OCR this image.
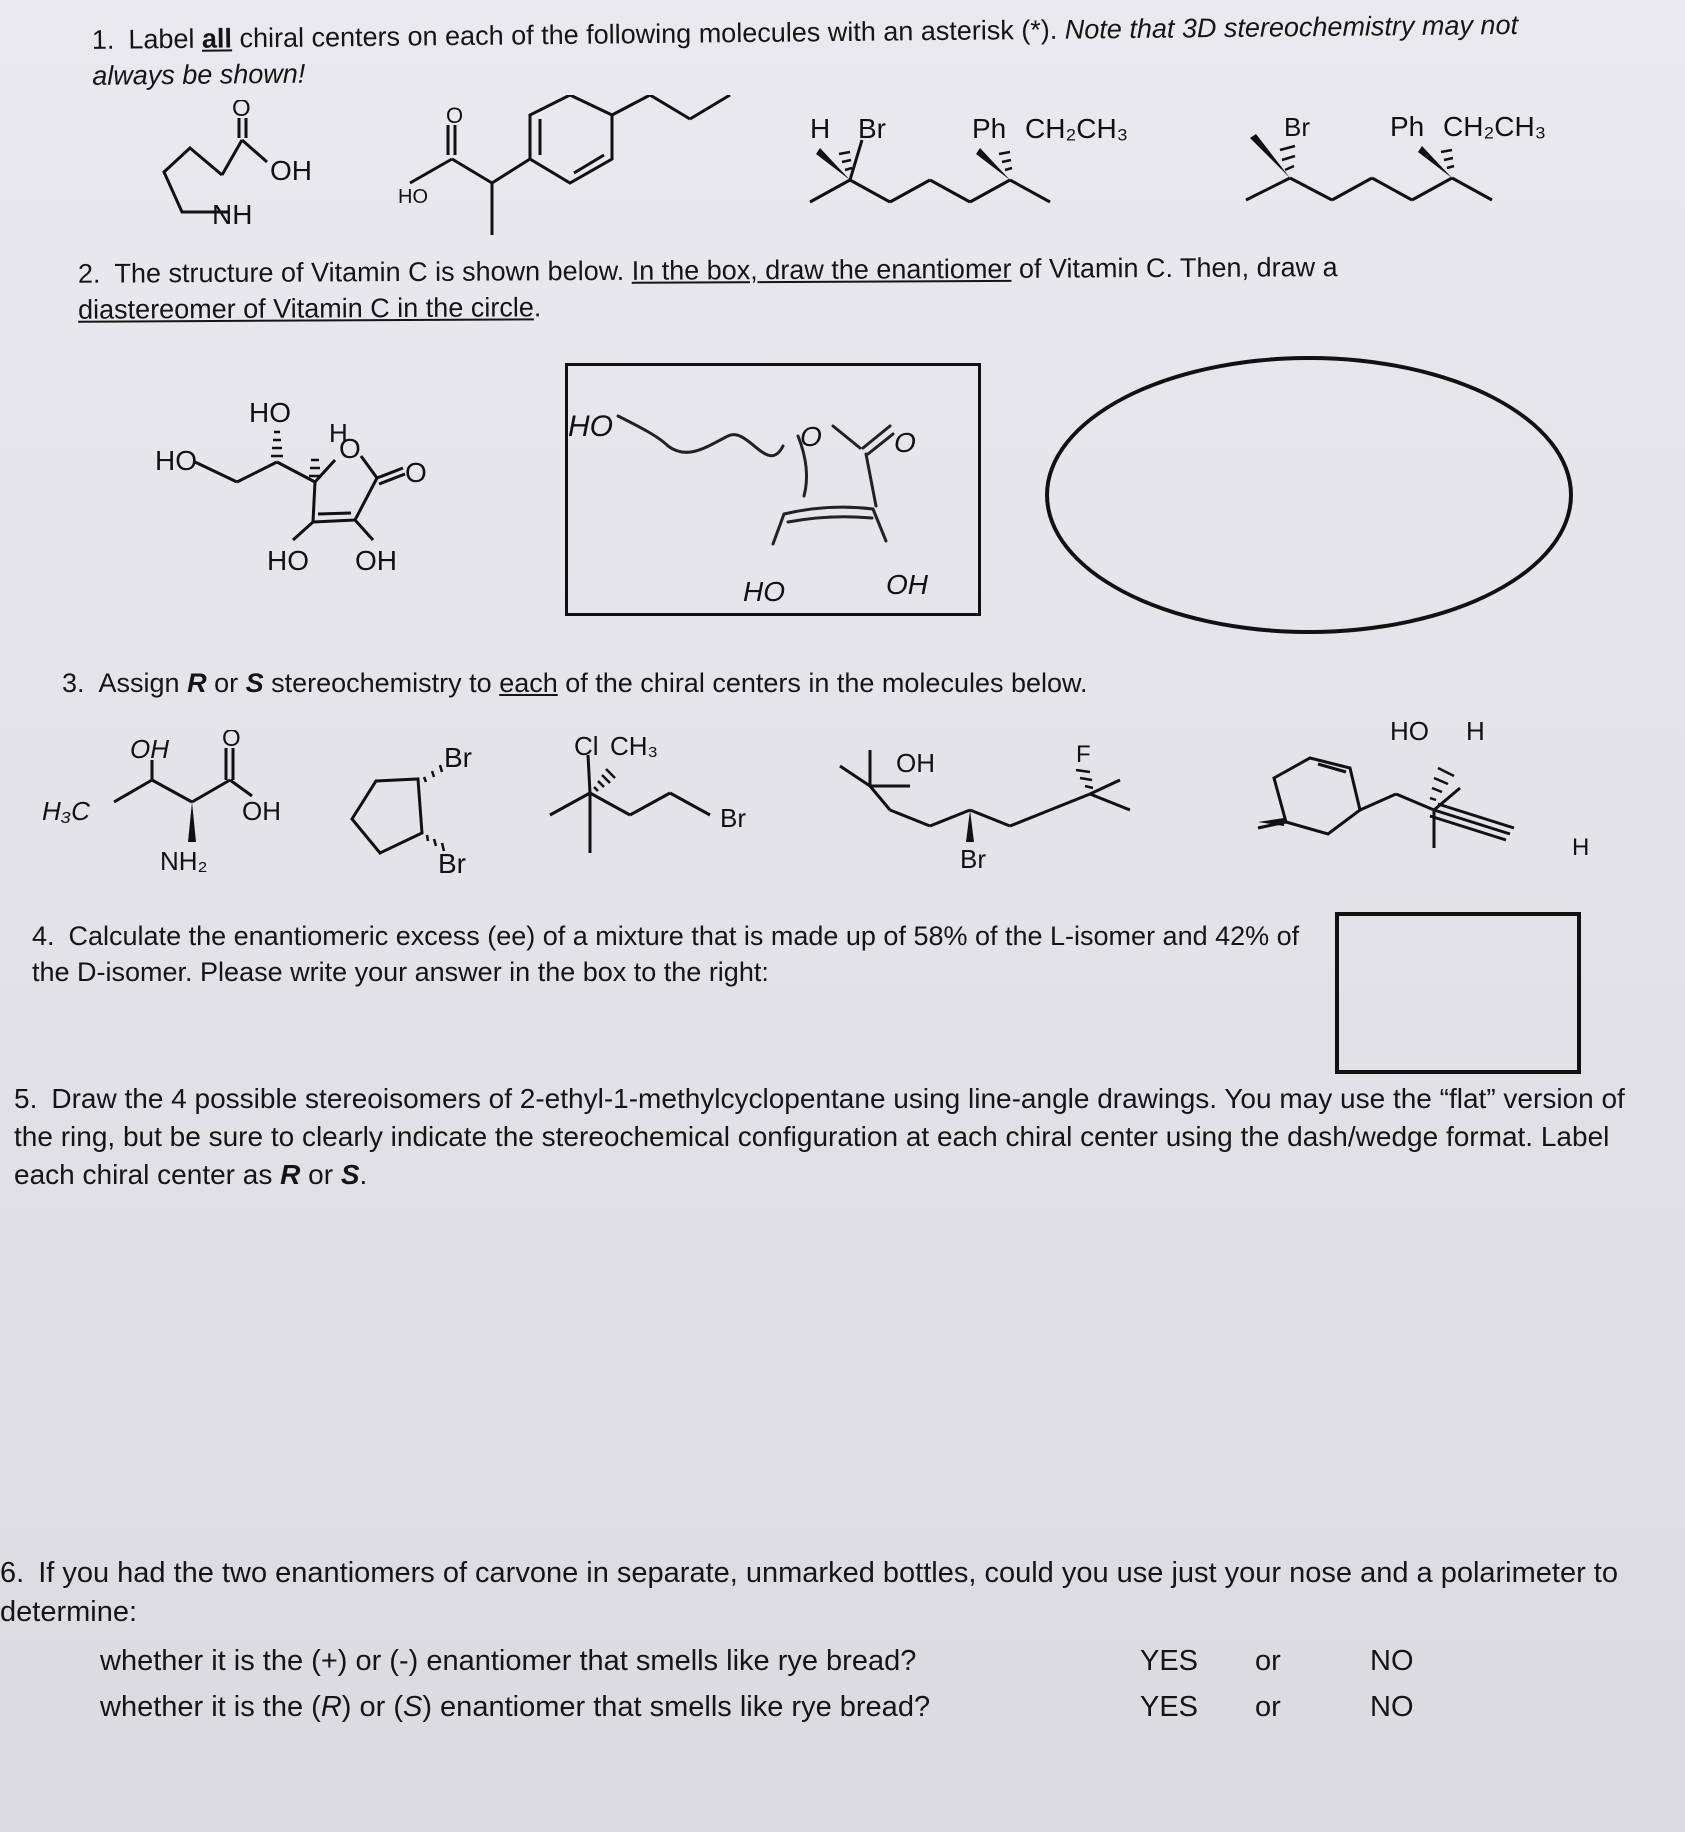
1. Label all chiral centers on each of the following molecules with an asterisk (*). Note that 3D stereochemistry may not always be shown!
O
OH
NH
HO
O	H Br	Ph CH₂CH₃	Br	Ph CH₂CH₃
2. The structure of Vitamin C is shown below. In the box, draw the enantiomer of Vitamin C. Then, draw a diastereomer of Vitamin C in the circle.
HO
HO
H
O
O
HO OH
HO	O	O
HO	OH
3. Assign R or S stereochemistry to each of the chiral centers in the molecules below.
OH O
H₃C	OH
NH₂
Br
Br
Cl CH₃
Br
OH	F
Br
HO H
H
4. Calculate the enantiomeric excess (ee) of a mixture that is made up of 58% of the L-isomer and 42% of the D-isomer. Please write your answer in the box to the right:
5. Draw the 4 possible stereoisomers of 2-ethyl-1-methylcyclopentane using line-angle drawings. You may use the “flat” version of the ring, but be sure to clearly indicate the stereochemical configuration at each chiral center using the dash/wedge format. Label each chiral center as R or S.
6. If you had the two enantiomers of carvone in separate, unmarked bottles, could you use just your nose and a polarimeter to determine:
whether it is the (+) or (-) enantiomer that smells like rye bread?
whether it is the (R) or (S) enantiomer that smells like rye bread?
YES or	NO
YES or	NO
